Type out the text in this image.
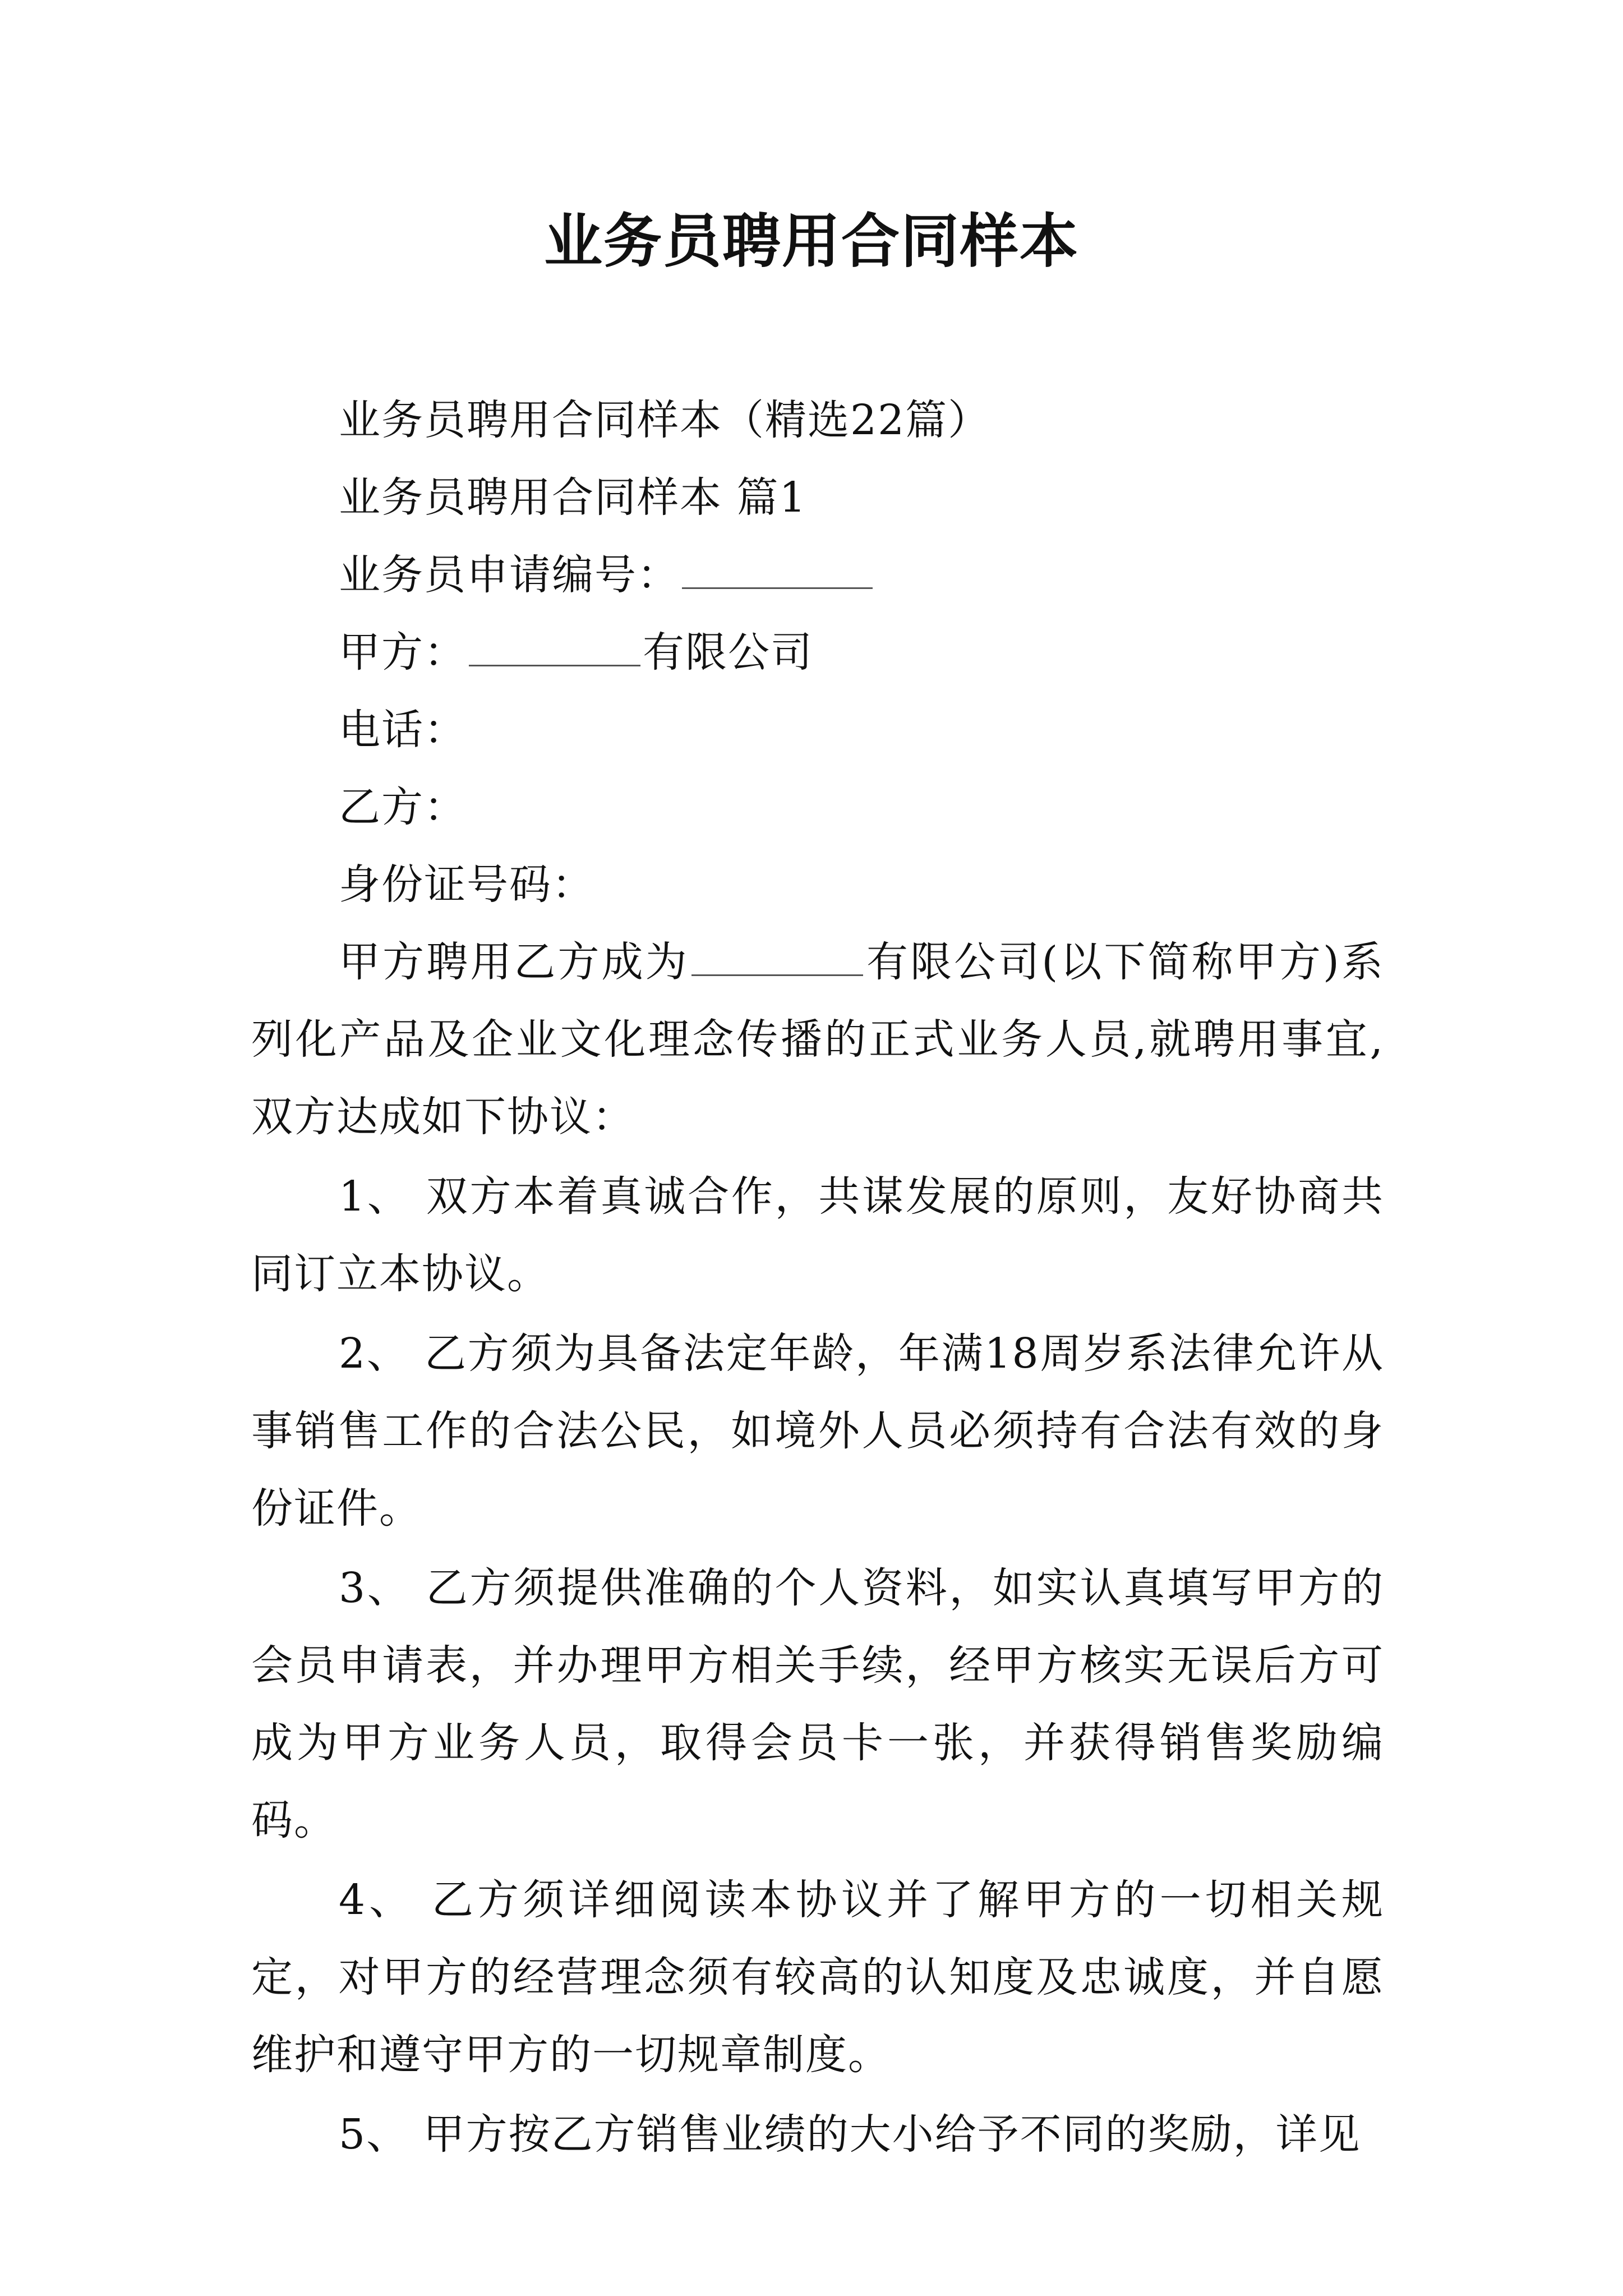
业务员聘用合同样本

业务员聘用合同样本（精选22篇）

业务员聘用合同样本 篇1

业务员申请编号：

甲方：	有限公司

电话：

乙方：

身份证号码：

甲方聘用乙方成为	有限公司(以下简称甲方)系列化产品及企业文化理念传播的正式业务人员,就聘用事宜,双方达成如下协议：

1、 双方本着真诚合作，共谋发展的原则，友好协商共同订立本协议。

2、 乙方须为具备法定年龄，年满18周岁系法律允许从事销售工作的合法公民，如境外人员必须持有合法有效的身份证件。

3、 乙方须提供准确的个人资料，如实认真填写甲方的会员申请表，并办理甲方相关手续，经甲方核实无误后方可成为甲方业务人员，取得会员卡一张，并获得销售奖励编码。

4、 乙方须详细阅读本协议并了解甲方的一切相关规定，对甲方的经营理念须有较高的认知度及忠诚度，并自愿维护和遵守甲方的一切规章制度。

5、 甲方按乙方销售业绩的大小给予不同的奖励，详见
